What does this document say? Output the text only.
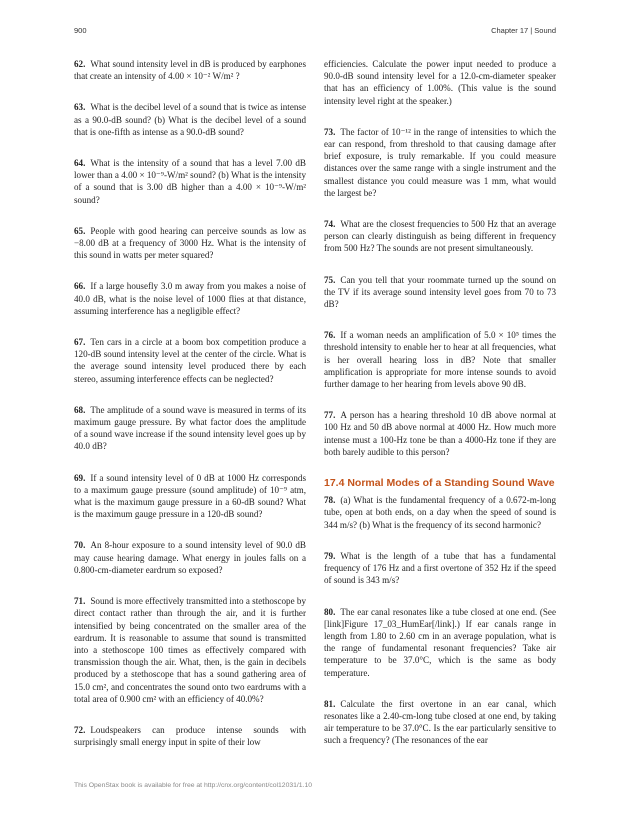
900	Chapter 17 | Sound

62. What sound intensity level in dB is produced by earphones that create an intensity of 4.00 × 10⁻² W/m² ?

63. What is the decibel level of a sound that is twice as intense as a 90.0-dB sound? (b) What is the decibel level of a sound that is one-fifth as intense as a 90.0-dB sound?

64. What is the intensity of a sound that has a level 7.00 dB lower than a 4.00 × 10⁻⁹-W/m² sound? (b) What is the intensity of a sound that is 3.00 dB higher than a 4.00 × 10⁻⁹-W/m² sound?

65. People with good hearing can perceive sounds as low as −8.00 dB at a frequency of 3000 Hz. What is the intensity of this sound in watts per meter squared?

66. If a large housefly 3.0 m away from you makes a noise of 40.0 dB, what is the noise level of 1000 flies at that distance, assuming interference has a negligible effect?

67. Ten cars in a circle at a boom box competition produce a 120-dB sound intensity level at the center of the circle. What is the average sound intensity level produced there by each stereo, assuming interference effects can be neglected?

68. The amplitude of a sound wave is measured in terms of its maximum gauge pressure. By what factor does the amplitude of a sound wave increase if the sound intensity level goes up by 40.0 dB?

69. If a sound intensity level of 0 dB at 1000 Hz corresponds to a maximum gauge pressure (sound amplitude) of 10⁻⁹ atm, what is the maximum gauge pressure in a 60-dB sound? What is the maximum gauge pressure in a 120-dB sound?

70. An 8-hour exposure to a sound intensity level of 90.0 dB may cause hearing damage. What energy in joules falls on a 0.800-cm-diameter eardrum so exposed?

71. Sound is more effectively transmitted into a stethoscope by direct contact rather than through the air, and it is further intensified by being concentrated on the smaller area of the eardrum. It is reasonable to assume that sound is transmitted into a stethoscope 100 times as effectively compared with transmission though the air. What, then, is the gain in decibels produced by a stethoscope that has a sound gathering area of 15.0 cm², and concentrates the sound onto two eardrums with a total area of 0.900 cm² with an efficiency of 40.0%?

72. Loudspeakers can produce intense sounds with surprisingly small energy input in spite of their low

efficiencies. Calculate the power input needed to produce a 90.0-dB sound intensity level for a 12.0-cm-diameter speaker that has an efficiency of 1.00%. (This value is the sound intensity level right at the speaker.)

73. The factor of 10⁻¹² in the range of intensities to which the ear can respond, from threshold to that causing damage after brief exposure, is truly remarkable. If you could measure distances over the same range with a single instrument and the smallest distance you could measure was 1 mm, what would the largest be?

74. What are the closest frequencies to 500 Hz that an average person can clearly distinguish as being different in frequency from 500 Hz? The sounds are not present simultaneously.

75. Can you tell that your roommate turned up the sound on the TV if its average sound intensity level goes from 70 to 73 dB?

76. If a woman needs an amplification of 5.0 × 10⁵ times the threshold intensity to enable her to hear at all frequencies, what is her overall hearing loss in dB? Note that smaller amplification is appropriate for more intense sounds to avoid further damage to her hearing from levels above 90 dB.

77. A person has a hearing threshold 10 dB above normal at 100 Hz and 50 dB above normal at 4000 Hz. How much more intense must a 100-Hz tone be than a 4000-Hz tone if they are both barely audible to this person?

17.4 Normal Modes of a Standing Sound Wave

78. (a) What is the fundamental frequency of a 0.672-m-long tube, open at both ends, on a day when the speed of sound is 344 m/s? (b) What is the frequency of its second harmonic?

79. What is the length of a tube that has a fundamental frequency of 176 Hz and a first overtone of 352 Hz if the speed of sound is 343 m/s?

80. The ear canal resonates like a tube closed at one end. (See [link]Figure 17_03_HumEar[/link].) If ear canals range in length from 1.80 to 2.60 cm in an average population, what is the range of fundamental resonant frequencies? Take air temperature to be 37.0°C, which is the same as body temperature.

81. Calculate the first overtone in an ear canal, which resonates like a 2.40-cm-long tube closed at one end, by taking air temperature to be 37.0°C. Is the ear particularly sensitive to such a frequency? (The resonances of the ear

This OpenStax book is available for free at http://cnx.org/content/col12031/1.10
